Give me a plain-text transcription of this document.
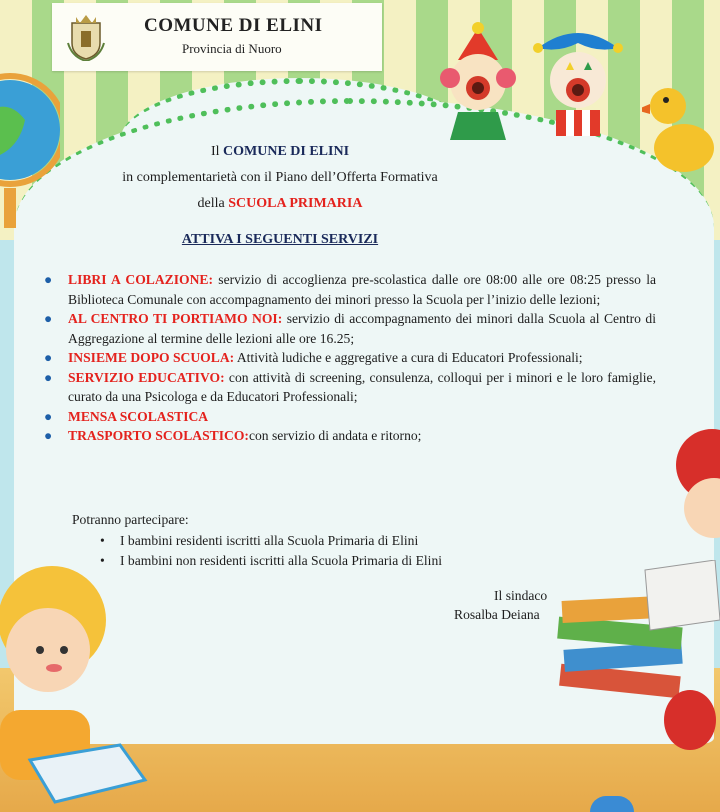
COMUNE DI ELINI
Provincia di Nuoro
Il COMUNE DI ELINI
in complementarietà con il Piano dell’Offerta Formativa
della SCUOLA PRIMARIA
ATTIVA I SEGUENTI SERVIZI
● LIBRI A COLAZIONE: servizio di accoglienza pre-scolastica dalle ore 08:00 alle ore 08:25 presso la Biblioteca Comunale con accompagnamento dei minori presso la Scuola per l’inizio delle lezioni;
● AL CENTRO TI PORTIAMO NOI: servizio di accompagnamento dei minori dalla Scuola al Centro di Aggregazione al termine delle lezioni alle ore 16.25;
● INSIEME DOPO SCUOLA: Attività ludiche e aggregative a cura di Educatori Professionali;
● SERVIZIO EDUCATIVO: con attività di screening, consulenza, colloqui per i minori e le loro famiglie, curato da una Psicologa e da Educatori Professionali;
● MENSA SCOLASTICA
● TRASPORTO SCOLASTICO:con servizio di andata e ritorno;
Potranno partecipare:
• I bambini residenti iscritti alla Scuola Primaria di Elini
• I bambini non residenti iscritti alla Scuola Primaria di Elini
Il sindaco
Rosalba Deiana
